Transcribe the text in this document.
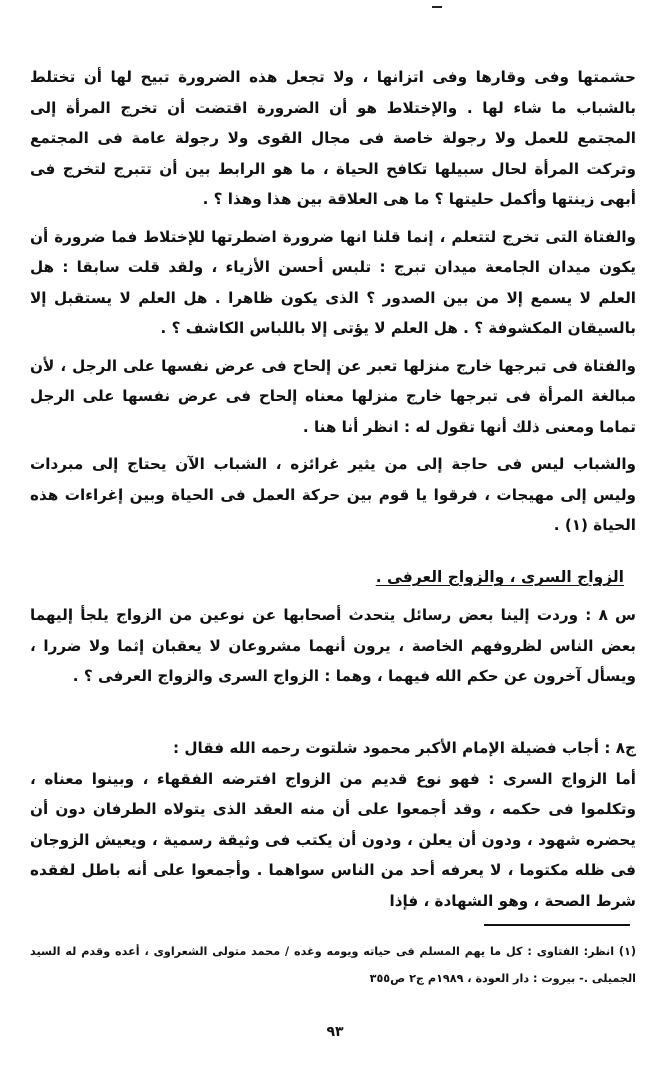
حشمتها وفى وقارها وفى اتزانها ، ولا تجعل هذه الضرورة تبيح لها أن تختلط بالشباب ما شاء لها . والإختلاط هو أن الضرورة اقتضت أن تخرج المرأة إلى المجتمع للعمل ولا رجولة خاصة فى مجال القوى ولا رجولة عامة فى المجتمع وتركت المرأة لحال سبيلها تكافح الحياة ، ما هو الرابط بين أن تتبرج لتخرج فى أبهى زينتها وأكمل حليتها ؟ ما هى العلاقة بين هذا وهذا ؟ .

والفتاة التى تخرج لتتعلم ، إنما قلنا انها ضرورة اضطرتها للإختلاط فما ضرورة أن يكون ميدان الجامعة ميدان تبرج : تلبس أحسن الأزياء ، ولقد قلت سابقا : هل العلم لا يسمع إلا من بين الصدور ؟ الذى يكون ظاهرا . هل العلم لا يستقبل إلا بالسيقان المكشوفة ؟ . هل العلم لا يؤتى إلا باللباس الكاشف ؟ .

والفتاة فى تبرجها خارج منزلها تعبر عن إلحاح فى عرض نفسها على الرجل ، لأن مبالغة المرأة فى تبرجها خارج منزلها معناه إلحاح فى عرض نفسها على الرجل تماما ومعنى ذلك أنها تقول له : انظر أنا هنا .

والشباب ليس فى حاجة إلى من يثير غرائزه ، الشباب الآن يحتاج إلى مبردات وليس إلى مهيجات ، فرقوا يا قوم بين حركة العمل فى الحياة وبين إغراءات هذه الحياة (١) .

الزواج السرى ، والزواج العرفى .

س ٨ : وردت إلينا بعض رسائل يتحدث أصحابها عن نوعين من الزواج يلجأ إليهما بعض الناس لظروفهم الخاصة ، يرون أنهما مشروعان لا يعقبان إثما ولا ضررا ، ويسأل آخرون عن حكم الله فيهما ، وهما : الزواج السرى والزواج العرفى ؟ .

ج٨ : أجاب فضيلة الإمام الأكبر محمود شلتوت رحمه الله فقال :

أما الزواج السرى : فهو نوع قديم من الزواج افترضه الفقهاء ، وبينوا معناه ، وتكلموا فى حكمه ، وقد أجمعوا على أن منه العقد الذى يتولاه الطرفان دون أن يحضره شهود ، ودون أن يعلن ، ودون أن يكتب فى وثيقة رسمية ، ويعيش الزوجان فى ظله مكتوما ، لا يعرفه أحد من الناس سواهما . وأجمعوا على أنه باطل لفقده شرط الصحة ، وهو الشهادة ، فإذا

(١) انظر: الفتاوى : كل ما يهم المسلم فى حياته ويومه وغده / محمد متولى الشعراوى ، أعده وقدم له السيد الجميلى .- بيروت : دار العودة ، ١٩٨٩م ج٢ ص٣٥٥
٩٣
